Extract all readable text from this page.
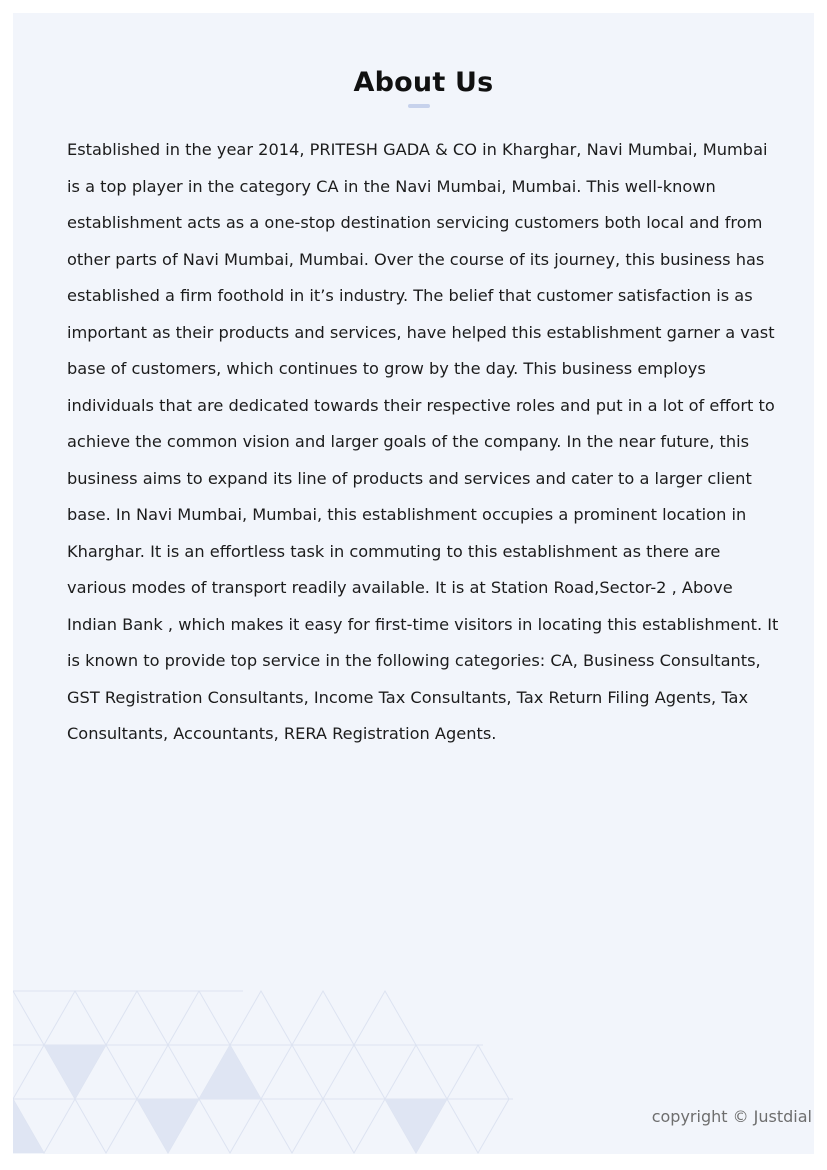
About Us

Established in the year 2014, PRITESH GADA & CO in Kharghar, Navi Mumbai, Mumbai is a top player in the category CA in the Navi Mumbai, Mumbai. This well-known establishment acts as a one-stop destination servicing customers both local and from other parts of Navi Mumbai, Mumbai. Over the course of its journey, this business has established a firm foothold in it’s industry. The belief that customer satisfaction is as important as their products and services, have helped this establishment garner a vast base of customers, which continues to grow by the day. This business employs individuals that are dedicated towards their respective roles and put in a lot of effort to achieve the common vision and larger goals of the company. In the near future, this business aims to expand its line of products and services and cater to a larger client base. In Navi Mumbai, Mumbai, this establishment occupies a prominent location in Kharghar. It is an effortless task in commuting to this establishment as there are various modes of transport readily available. It is at Station Road,Sector-2 , Above Indian Bank , which makes it easy for first-time visitors in locating this establishment. It is known to provide top service in the following categories: CA, Business Consultants, GST Registration Consultants, Income Tax Consultants, Tax Return Filing Agents, Tax Consultants, Accountants, RERA Registration Agents.

copyright © Justdial
